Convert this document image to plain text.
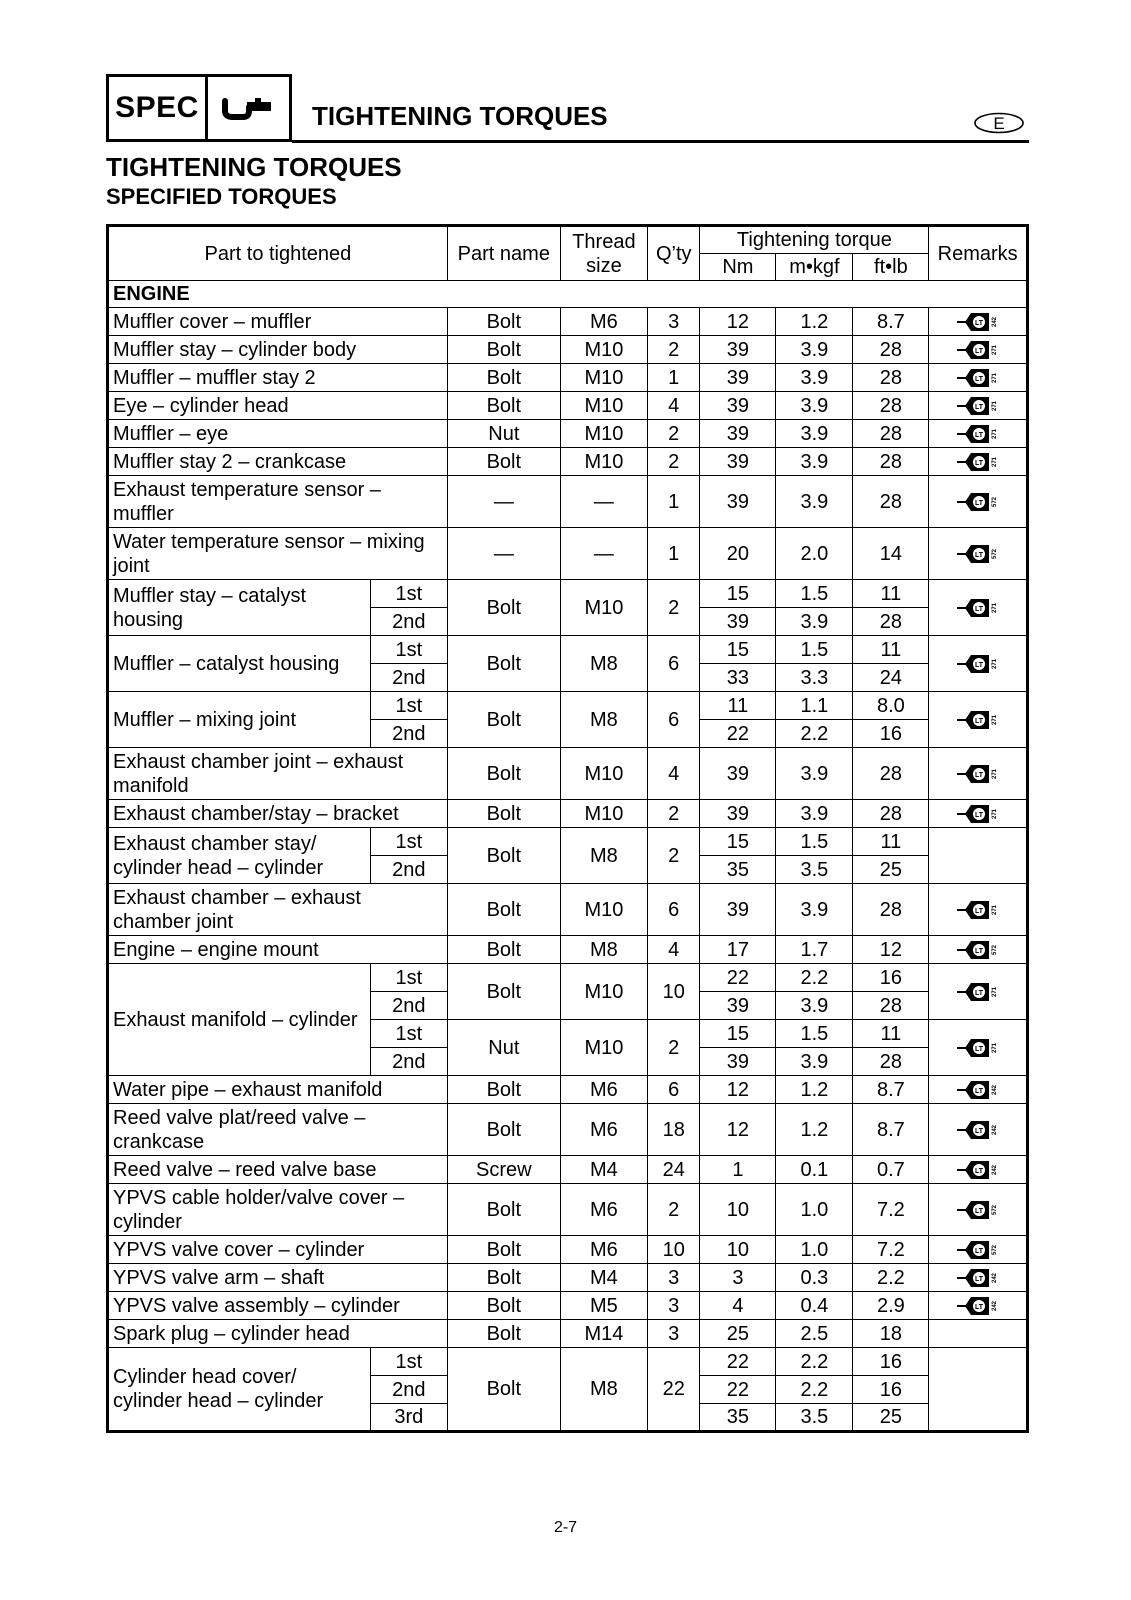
SPEC	TIGHTENING TORQUES	E
TIGHTENING TORQUES
SPECIFIED TORQUES
Part to tightened		Part name	Thread size	Q’ty	Tightening torque			Remarks
					Nm	m•kgf	ft•lb	
ENGINE								
Muffler cover – muffler		Bolt	M6	3	12	1.2	8.7	LT 242

Muffler stay – cylinder body		Bolt	M10	2	39	3.9	28	LT 271

Muffler – muffler stay 2		Bolt	M10	1	39	3.9	28	LT 271

Eye – cylinder head		Bolt	M10	4	39	3.9	28	LT 271

Muffler – eye		Nut	M10	2	39	3.9	28	LT 271

Muffler stay 2 – crankcase		Bolt	M10	2	39	3.9	28	LT 271

Exhaust temperature sensor – muffler		—	—	1	39	3.9	28	LT 572

Water temperature sensor – mixing joint		—	—	1	20	2.0	14	LT 572

Muffler stay – catalyst housing	1st	Bolt	M10	2	15	1.5	11	LT 271

	2nd				39	3.9	28	
Muffler – catalyst housing	1st	Bolt	M8	6	15	1.5	11	LT 271

	2nd				33	3.3	24	
Muffler – mixing joint	1st	Bolt	M8	6	11	1.1	8.0	LT 271

	2nd				22	2.2	16	
Exhaust chamber joint – exhaust manifold		Bolt	M10	4	39	3.9	28	LT 271

Exhaust chamber/stay – bracket		Bolt	M10	2	39	3.9	28	LT 271

Exhaust chamber stay/ cylinder head – cylinder	1st	Bolt	M8	2	15	1.5	11	
	2nd				35	3.5	25	
Exhaust chamber – exhaust chamber joint		Bolt	M10	6	39	3.9	28	LT 271

Engine – engine mount		Bolt	M8	4	17	1.7	12	LT 572

Exhaust manifold – cylinder	1st	Bolt	M10	10	22	2.2	16	LT 271

	2nd				39	3.9	28	
	1st	Nut	M10	2	15	1.5	11	LT 271

	2nd				39	3.9	28	
Water pipe – exhaust manifold		Bolt	M6	6	12	1.2	8.7	LT 242

Reed valve plat/reed valve – crankcase		Bolt	M6	18	12	1.2	8.7	LT 242

Reed valve – reed valve base		Screw	M4	24	1	0.1	0.7	LT 242

YPVS cable holder/valve cover – cylinder		Bolt	M6	2	10	1.0	7.2	LT 572

YPVS valve cover – cylinder		Bolt	M6	10	10	1.0	7.2	LT 572

YPVS valve arm – shaft		Bolt	M4	3	3	0.3	2.2	LT 242

YPVS valve assembly – cylinder		Bolt	M5	3	4	0.4	2.9	LT 242

Spark plug – cylinder head		Bolt	M14	3	25	2.5	18	
Cylinder head cover/ cylinder head – cylinder	1st	Bolt	M8	22	22	2.2	16	
	2nd				22	2.2	16	
	3rd				35	3.5	25	
2-7
